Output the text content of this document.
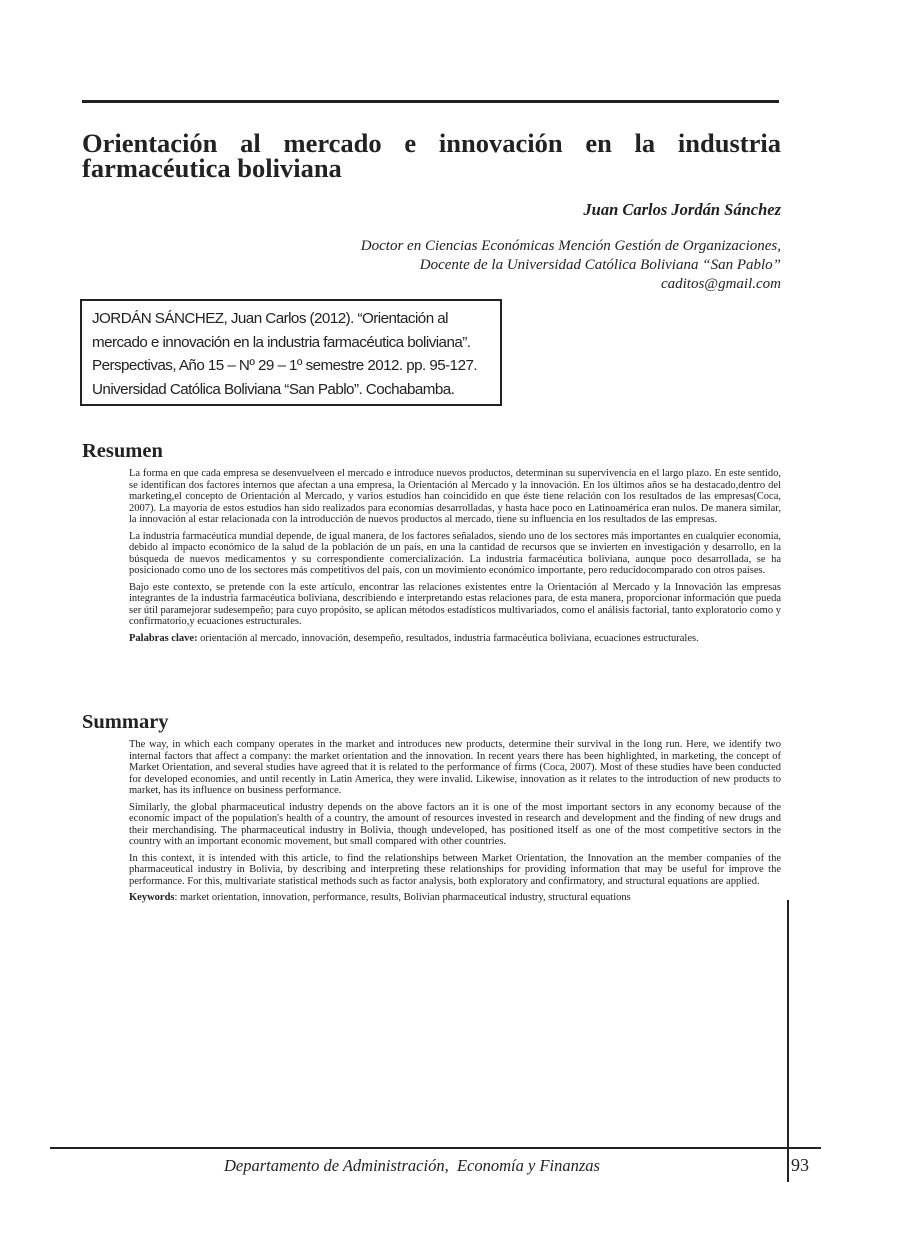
Orientación al mercado e innovación en la industria farmacéutica boliviana
Juan Carlos Jordán Sánchez
Doctor en Ciencias Económicas Mención Gestión de Organizaciones,
Docente de la Universidad Católica Boliviana “San Pablo”
caditos@gmail.com
JORDÁN SÁNCHEZ, Juan Carlos (2012). “Orientación al
mercado e innovación en la industria farmacéutica boliviana”.
Perspectivas, Año 15 – Nº 29 – 1º semestre 2012. pp. 95-127.
Universidad Católica Boliviana “San Pablo”. Cochabamba.
Resumen

La forma en que cada empresa se desenvuelveen el mercado e introduce nuevos productos, determinan su supervivencia en el largo plazo. En este sentido, se identifican dos factores internos que afectan a una empresa, la Orientación al Mercado y la innovación. En los últimos años se ha destacado,dentro del marketing,el concepto de Orientación al Mercado, y varios estudios han coincidido en que éste tiene relación con los resultados de las empresas(Coca, 2007). La mayoría de estos estudios han sido realizados para economías desarrolladas, y hasta hace poco en Latinoamérica eran nulos. De manera similar, la innovación al estar relacionada con la introducción de nuevos productos al mercado, tiene su influencia en los resultados de las empresas.

La industria farmacéutica mundial depende, de igual manera, de los factores señalados, siendo uno de los sectores más importantes en cualquier economía, debido al impacto económico de la salud de la población de un país, en una la cantidad de recursos que se invierten en investigación y desarrollo, en la búsqueda de nuevos medicamentos y su correspondiente comercialización. La industria farmacéutica boliviana, aunque poco desarrollada, se ha posicionado como uno de los sectores más competitivos del país, con un movimiento económico importante, pero reducidocomparado con otros países.

Bajo este contexto, se pretende con la este artículo, encontrar las relaciones existentes entre la Orientación al Mercado y la Innovación las empresas integrantes de la industria farmacéutica boliviana, describiendo e interpretando estas relaciones para, de esta manera, proporcionar información que pueda ser útil paramejorar sudesempeño; para cuyo propósito, se aplican métodos estadísticos multivariados, como el análisis factorial, tanto exploratorio como y confirmatorio,y ecuaciones estructurales.

Palabras clave: orientación al mercado, innovación, desempeño, resultados, industria farmacéutica boliviana, ecuaciones estructurales.

Summary

The way, in which each company operates in the market and introduces new products, determine their survival in the long run. Here, we identify two internal factors that affect a company: the market orientation and the innovation. In recent years there has been highlighted, in marketing, the concept of Market Orientation, and several studies have agreed that it is related to the performance of firms (Coca, 2007). Most of these studies have been conducted for developed economies, and until recently in Latin America, they were invalid. Likewise, innovation as it relates to the introduction of new products to market, has its influence on business performance.

Similarly, the global pharmaceutical industry depends on the above factors an it is one of the most important sectors in any economy because of the economic impact of the population's health of a country, the amount of resources invested in research and development and the finding of new drugs and their merchandising. The pharmaceutical industry in Bolivia, though undeveloped, has positioned itself as one of the most competitive sectors in the country with an important economic movement, but small compared with other countries.

In this context, it is intended with this article, to find the relationships between Market Orientation, the Innovation an the member companies of the pharmaceutical industry in Bolivia, by describing and interpreting these relationships for providing information that may be useful for improve the performance. For this, multivariate statistical methods such as factor analysis, both exploratory and confirmatory, and structural equations are applied.

Keywords: market orientation, innovation, performance, results, Bolivian pharmaceutical industry, structural equations

Departamento de Administración,  Economía y Finanzas	93
